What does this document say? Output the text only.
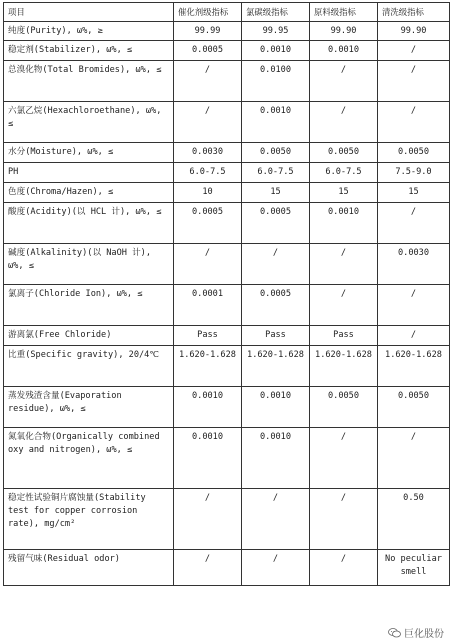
项目	催化剂级指标	氯碳级指标	原料级指标	清洗级指标
纯度(Purity), ω%, ≥	99.99	99.95	99.90	99.90
稳定剂(Stabilizer), ω%, ≤	0.0005	0.0010	0.0010	/
总溴化物(Total Bromides), ω%, ≤	/	0.0100	/	/
六氯乙烷(Hexachloroethane), ω%, ≤	/	0.0010	/	/
水分(Moisture), ω%, ≤	0.0030	0.0050	0.0050	0.0050
PH	6.0-7.5	6.0-7.5	6.0-7.5	7.5-9.0
色度(Chroma/Hazen), ≤	10	15	15	15
酸度(Acidity)(以 HCL 计), ω%, ≤	0.0005	0.0005	0.0010	/
碱度(Alkalinity)(以 NaOH 计), ω%, ≤	/	/	/	0.0030
氯离子(Chloride Ion), ω%, ≤	0.0001	0.0005	/	/
游离氯(Free Chloride)	Pass	Pass	Pass	/
比重(Specific gravity), 20/4℃	1.620-1.628	1.620-1.628	1.620-1.628	1.620-1.628
蒸发残渣含量(Evaporation residue), ω%, ≤	0.0010	0.0010	0.0050	0.0050
氮氧化合物(Organically combined oxy and nitrogen), ω%, ≤	0.0010	0.0010	/	/
稳定性试验铜片腐蚀量(Stability test for copper corrosion rate), mg/cm²	/	/	/	0.50
残留气味(Residual odor)	/	/	/	No peculiar smell
巨化股份
